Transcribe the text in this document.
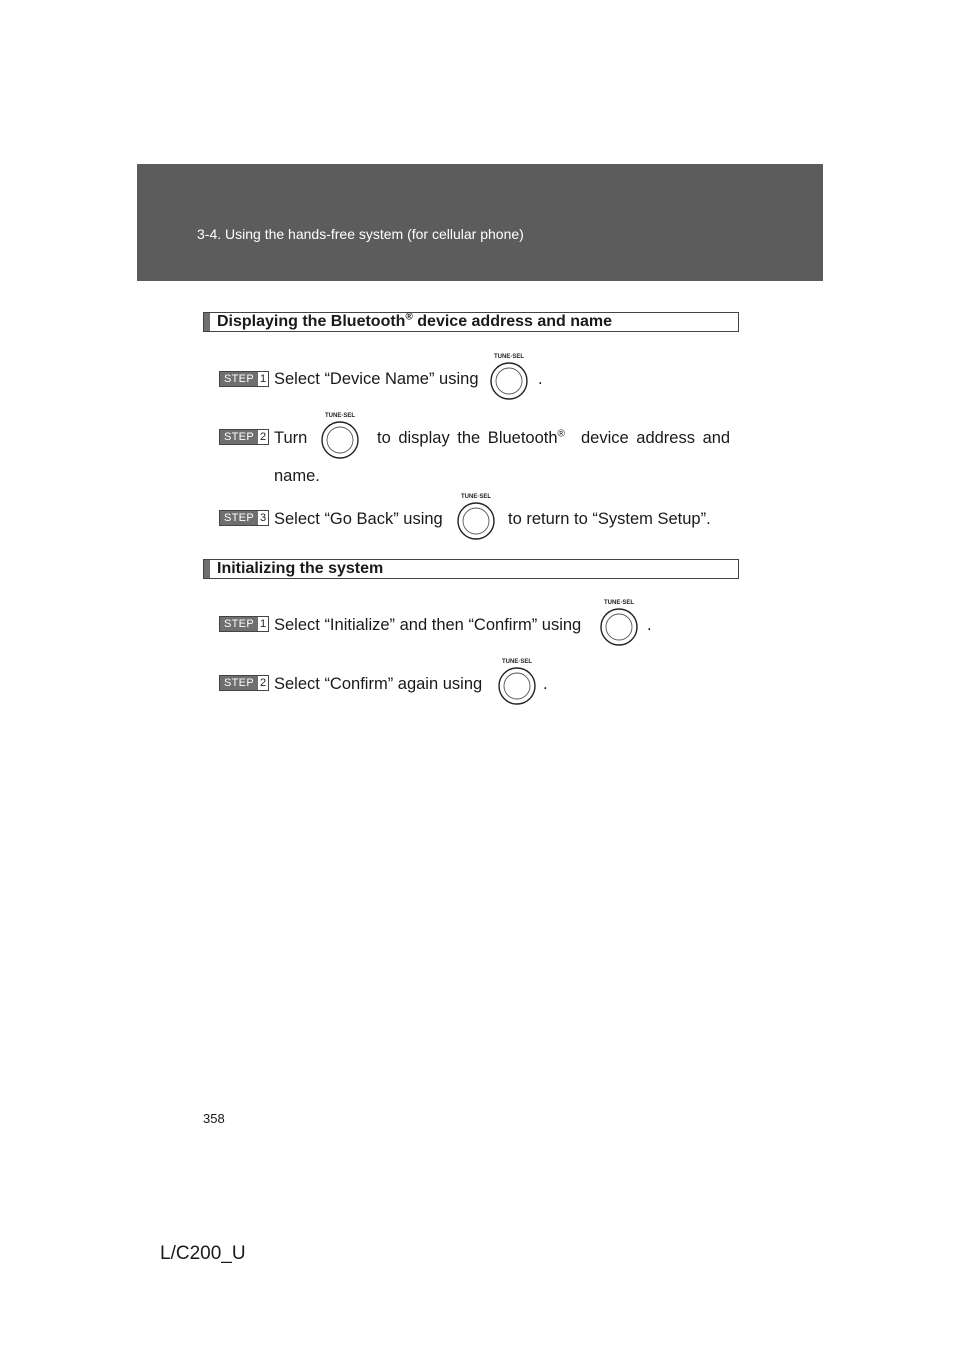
3-4. Using the hands-free system (for cellular phone)
Displaying the Bluetooth® device address and name
STEP 1 Select “Device Name” using
TUNE·SEL
.
STEP 2 Turn
TUNE·SEL
to display the Bluetooth® device address and
name.
STEP 3 Select “Go Back” using
TUNE·SEL
to return to “System Setup”.
Initializing the system
STEP 1 Select “Initialize” and then “Confirm” using
TUNE·SEL
.
STEP 2 Select “Confirm” again using
TUNE·SEL
.
358
L/C200_U
